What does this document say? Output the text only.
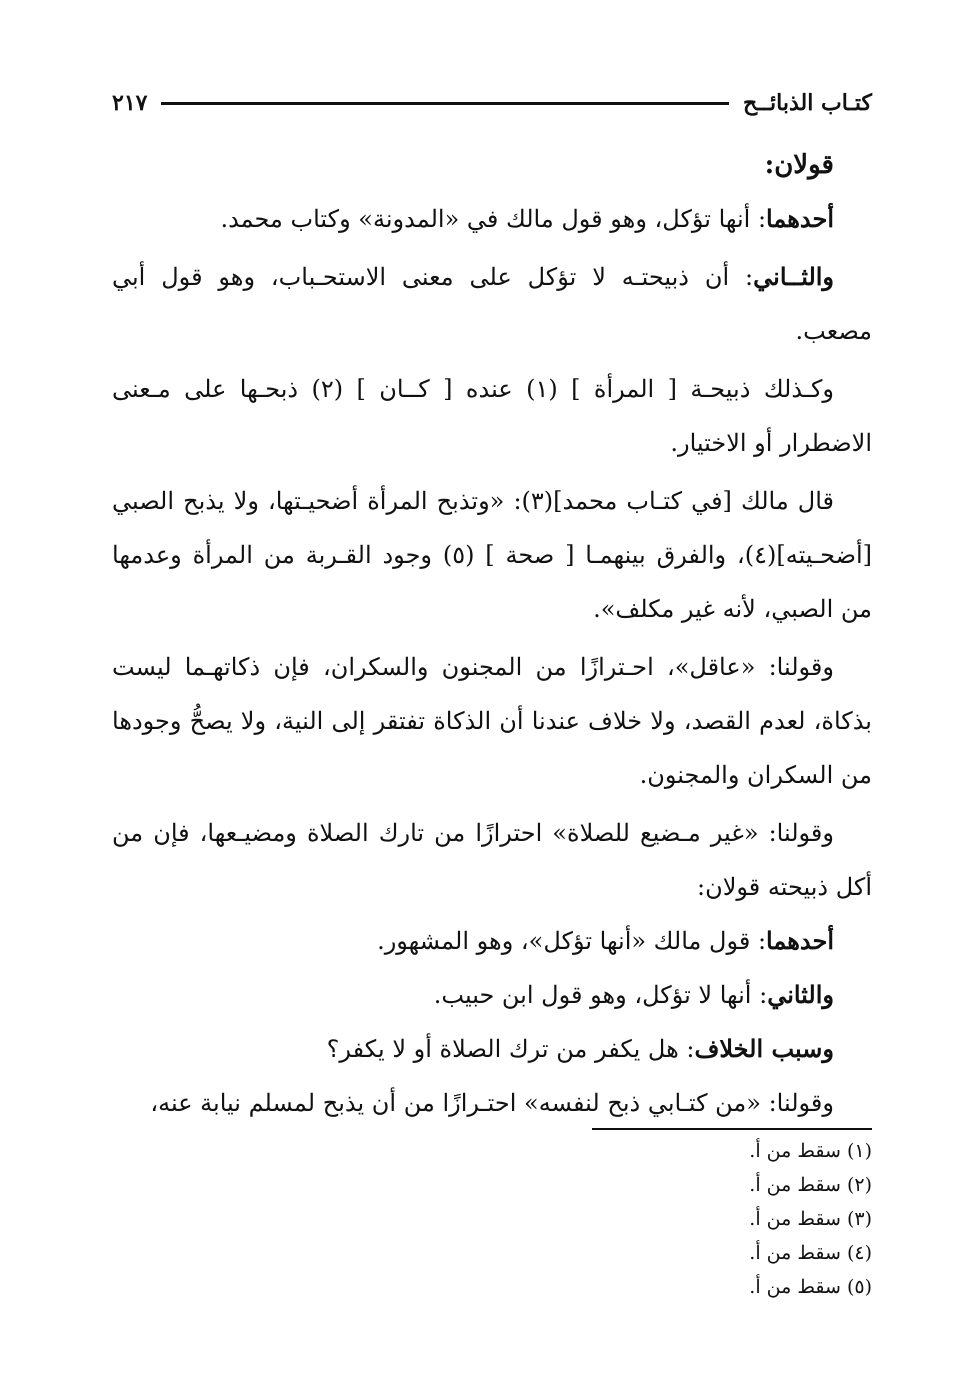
كتـاب الذبائــح
٢١٧

قولان:

أحدهما: أنها تؤكل، وهو قول مالك في «المدونة» وكتاب محمد.

والثــاني: أن ذبيحتـه لا تؤكل على معنى الاستحـباب، وهو قول أبي مصعب.

وكـذلك ذبيحـة [ المرأة ] (١) عنده [ كــان ] (٢) ذبحـها على مـعنى الاضطرار أو الاختيار.

قال مالك [في كتـاب محمد](٣): «وتذبح المرأة أضحيـتها، ولا يذبح الصبي [أضحـيته](٤)، والفرق بينهمـا [ صحة ] (٥) وجود القـربة من المرأة وعدمها من الصبي، لأنه غير مكلف».

وقولنا: «عاقل»، احـترازًا من المجنون والسكران، فإن ذكاتهـما ليست بذكاة، لعدم القصد، ولا خلاف عندنا أن الذكاة تفتقر إلى النية، ولا يصحُّ وجودها من السكران والمجنون.

وقولنا: «غير مـضيع للصلاة» احترازًا من تارك الصلاة ومضيـعها، فإن من أكل ذبيحته قولان:

أحدهما: قول مالك «أنها تؤكل»، وهو المشهور.

والثاني: أنها لا تؤكل، وهو قول ابن حبيب.

وسبب الخلاف: هل يكفر من ترك الصلاة أو لا يكفر؟

وقولنا: «من كتـابي ذبح لنفسه» احتـرازًا من أن يذبح لمسلم نيابة عنه،

(١) سقط من أ.
(٢) سقط من أ.
(٣) سقط من أ.
(٤) سقط من أ.
(٥) سقط من أ.
